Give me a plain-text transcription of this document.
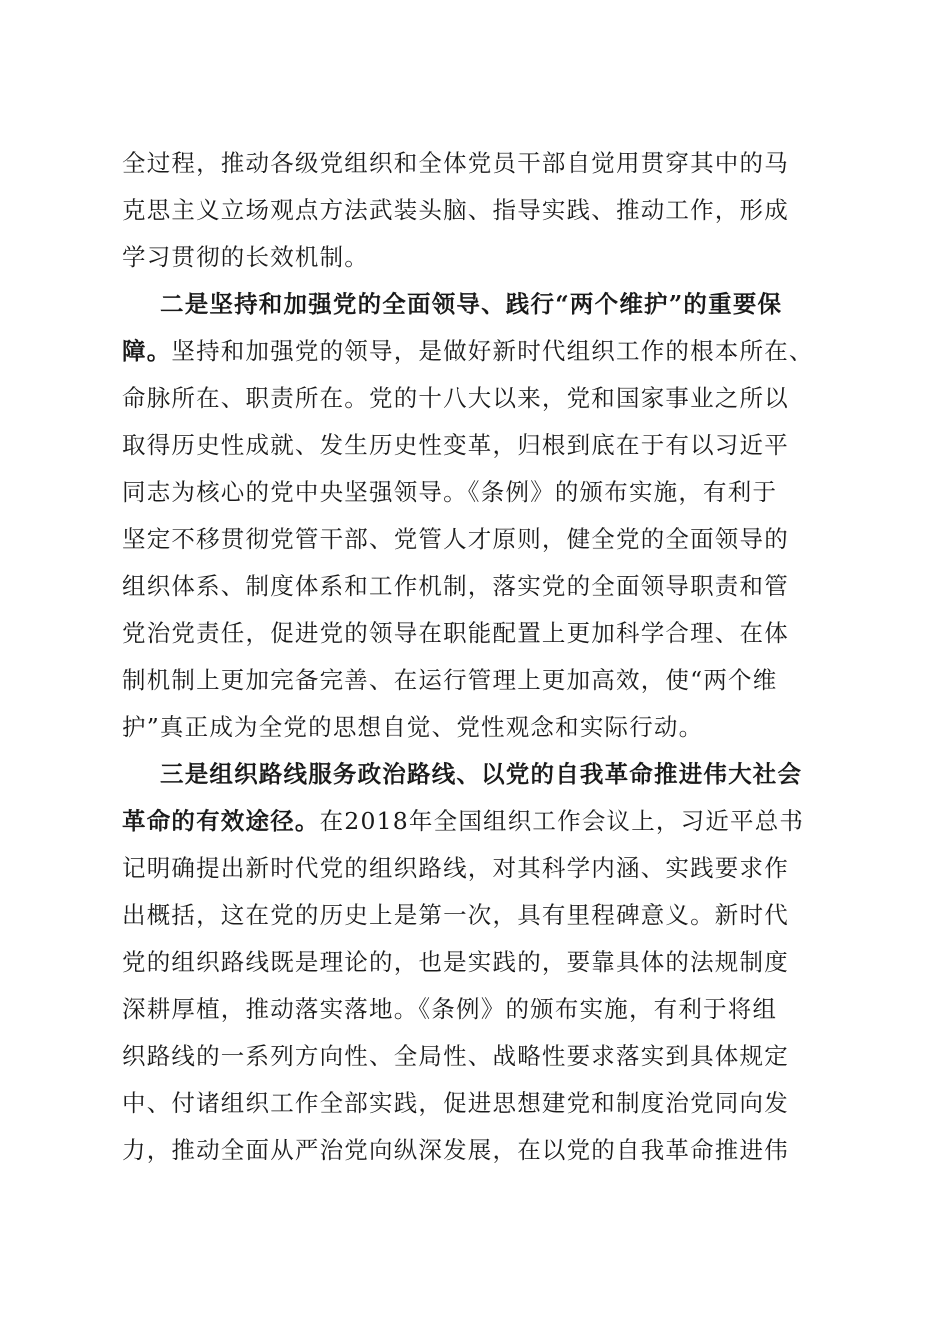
全过程，推动各级党组织和全体党员干部自觉用贯穿其中的马
克思主义立场观点方法武装头脑、指导实践、推动工作，形成
学习贯彻的长效机制。
二是坚持和加强党的全面领导、践行“两个维护”的重要保
障。坚持和加强党的领导，是做好新时代组织工作的根本所在、
命脉所在、职责所在。党的十八大以来，党和国家事业之所以
取得历史性成就、发生历史性变革，归根到底在于有以习近平
同志为核心的党中央坚强领导。《条例》的颁布实施，有利于
坚定不移贯彻党管干部、党管人才原则，健全党的全面领导的
组织体系、制度体系和工作机制，落实党的全面领导职责和管
党治党责任，促进党的领导在职能配置上更加科学合理、在体
制机制上更加完备完善、在运行管理上更加高效，使“两个维
护”真正成为全党的思想自觉、党性观念和实际行动。
三是组织路线服务政治路线、以党的自我革命推进伟大社会
革命的有效途径。在2018年全国组织工作会议上，习近平总书
记明确提出新时代党的组织路线，对其科学内涵、实践要求作
出概括，这在党的历史上是第一次，具有里程碑意义。新时代
党的组织路线既是理论的，也是实践的，要靠具体的法规制度
深耕厚植，推动落实落地。《条例》的颁布实施，有利于将组
织路线的一系列方向性、全局性、战略性要求落实到具体规定
中、付诸组织工作全部实践，促进思想建党和制度治党同向发
力，推动全面从严治党向纵深发展，在以党的自我革命推进伟
